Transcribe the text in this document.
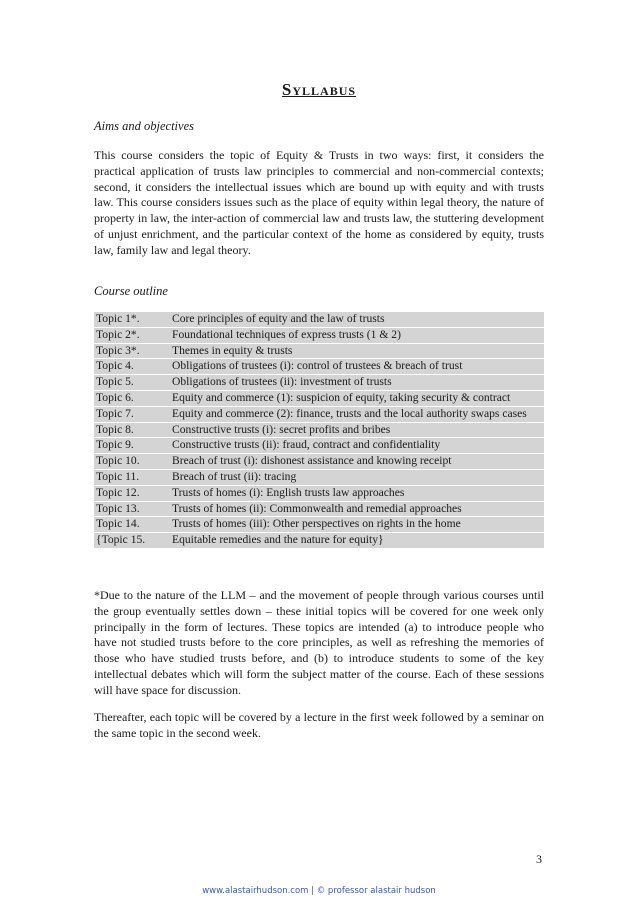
Syllabus
Aims and objectives
This course considers the topic of Equity & Trusts in two ways: first, it considers the practical application of trusts law principles to commercial and non-commercial contexts; second, it considers the intellectual issues which are bound up with equity and with trusts law. This course considers issues such as the place of equity within legal theory, the nature of property in law, the inter-action of commercial law and trusts law, the stuttering development of unjust enrichment, and the particular context of the home as considered by equity, trusts law, family law and legal theory.
Course outline
Topic 1*.	Core principles of equity and the law of trusts
Topic 2*.	Foundational techniques of express trusts (1 & 2)
Topic 3*.	Themes in equity & trusts
Topic 4.	Obligations of trustees (i): control of trustees & breach of trust
Topic 5.	Obligations of trustees (ii): investment of trusts
Topic 6.	Equity and commerce (1): suspicion of equity, taking security & contract
Topic 7.	Equity and commerce (2): finance, trusts and the local authority swaps cases
Topic 8.	Constructive trusts (i): secret profits and bribes
Topic 9.	Constructive trusts (ii): fraud, contract and confidentiality
Topic 10.	Breach of trust (i): dishonest assistance and knowing receipt
Topic 11.	Breach of trust (ii): tracing
Topic 12.	Trusts of homes (i): English trusts law approaches
Topic 13.	Trusts of homes (ii): Commonwealth and remedial approaches
Topic 14.	Trusts of homes (iii): Other perspectives on rights in the home
{Topic 15.	Equitable remedies and the nature for equity}
*Due to the nature of the LLM – and the movement of people through various courses until the group eventually settles down – these initial topics will be covered for one week only principally in the form of lectures. These topics are intended (a) to introduce people who have not studied trusts before to the core principles, as well as refreshing the memories of those who have studied trusts before, and (b) to introduce students to some of the key intellectual debates which will form the subject matter of the course. Each of these sessions will have space for discussion.
Thereafter, each topic will be covered by a lecture in the first week followed by a seminar on the same topic in the second week.
3
www.alastairhudson.com | © professor alastair hudson
